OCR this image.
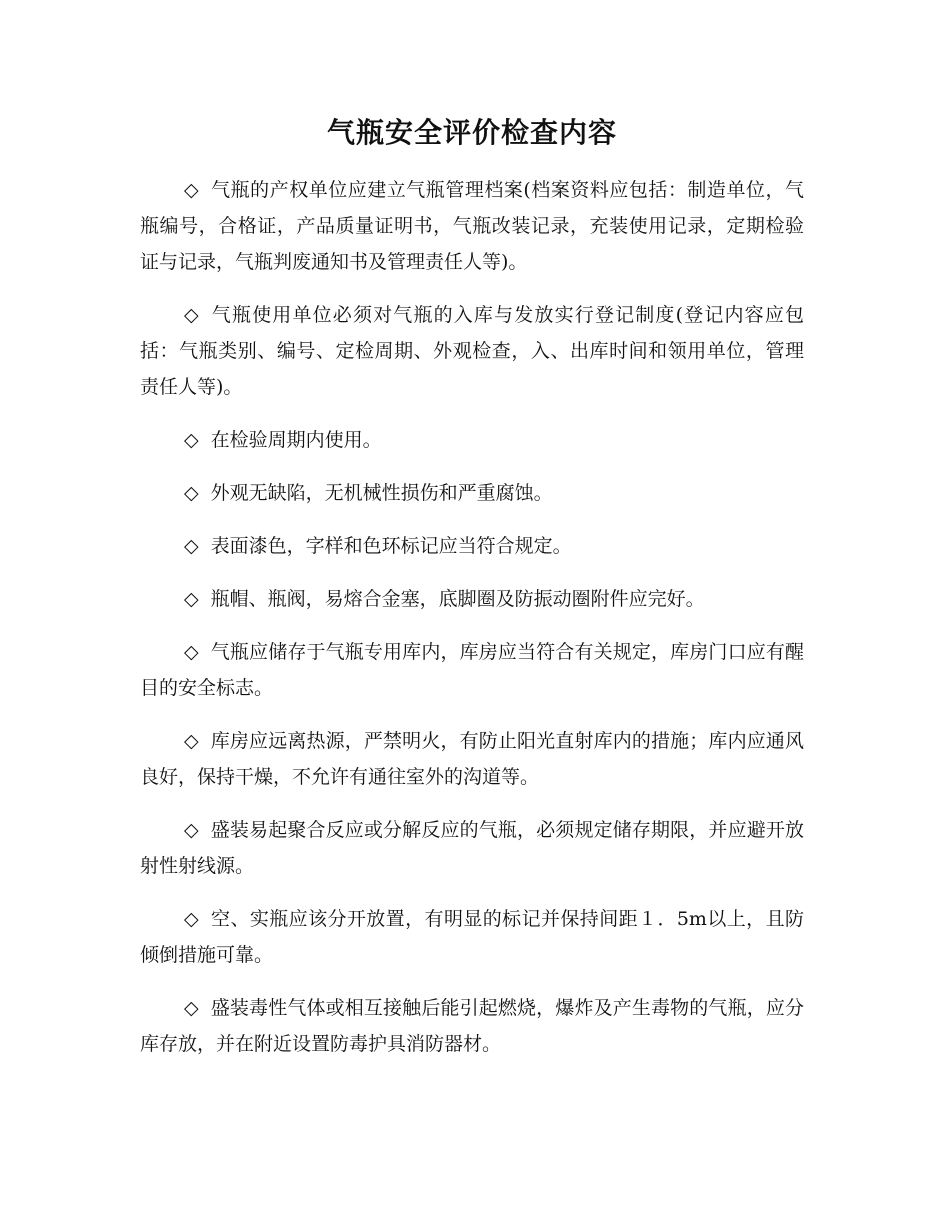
气瓶安全评价检查内容

◇ 气瓶的产权单位应建立气瓶管理档案(档案资料应包括：制造单位，气瓶编号，合格证，产品质量证明书，气瓶改装记录，充装使用记录，定期检验证与记录，气瓶判废通知书及管理责任人等)。

◇ 气瓶使用单位必须对气瓶的入库与发放实行登记制度(登记内容应包括：气瓶类别、编号、定检周期、外观检查，入、出库时间和领用单位，管理责任人等)。

◇ 在检验周期内使用。

◇ 外观无缺陷，无机械性损伤和严重腐蚀。

◇ 表面漆色，字样和色环标记应当符合规定。

◇ 瓶帽、瓶阀，易熔合金塞，底脚圈及防振动圈附件应完好。

◇ 气瓶应储存于气瓶专用库内，库房应当符合有关规定，库房门口应有醒目的安全标志。

◇ 库房应远离热源，严禁明火，有防止阳光直射库内的措施；库内应通风良好，保持干燥，不允许有通往室外的沟道等。

◇ 盛装易起聚合反应或分解反应的气瓶，必须规定储存期限，并应避开放射性射线源。

◇ 空、实瓶应该分开放置，有明显的标记并保持间距１．5m以上，且防倾倒措施可靠。

◇ 盛装毒性气体或相互接触后能引起燃烧，爆炸及产生毒物的气瓶，应分库存放，并在附近设置防毒护具消防器材。
